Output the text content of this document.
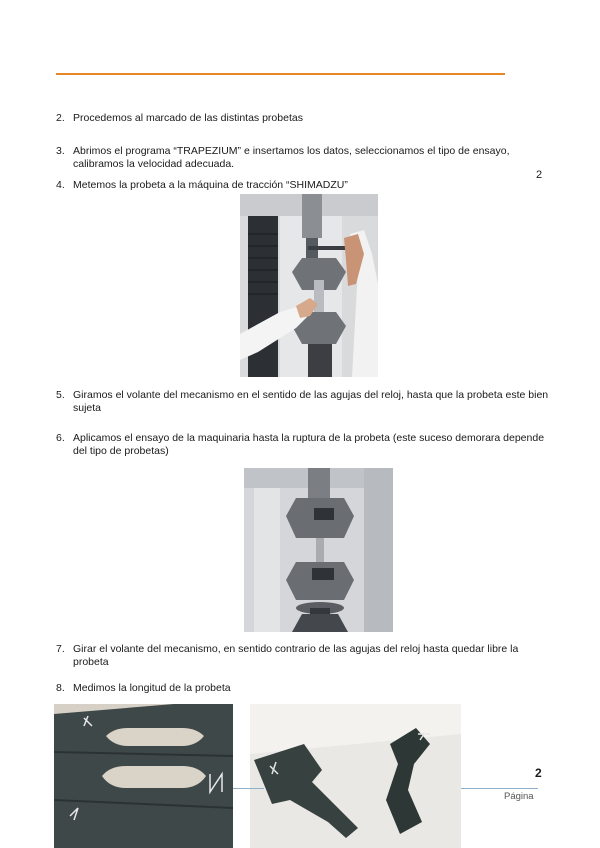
2. Procedemos al marcado de las distintas probetas
3. Abrimos el programa “TRAPEZIUM” e insertamos los datos, seleccionamos el tipo de ensayo, calibramos la velocidad adecuada.
2
4. Metemos la probeta a la máquina de tracción “SHIMADZU”
5. Giramos el volante del mecanismo en el sentido de las agujas del reloj, hasta que la probeta este bien sujeta
6. Aplicamos el ensayo de la maquinaria hasta la ruptura de la probeta (este suceso demorara depende del tipo de probetas)
7. Girar el volante del mecanismo, en sentido contrario de las agujas del reloj hasta quedar libre la probeta
8. Medimos la longitud de la probeta
2
Página
